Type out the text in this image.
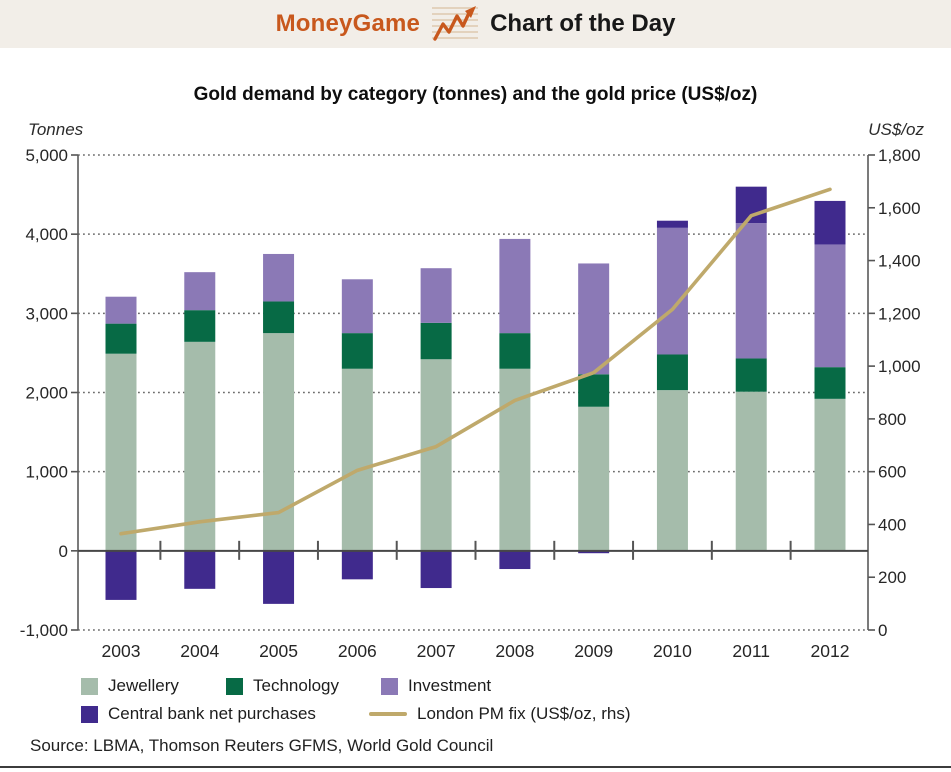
5,000
4,000
3,000
2,000
1,000
0
-1,000
1,800
1,600
1,400
1,200
1,000
800
600
400
200
0
2003 2004 2005 2006 2007 2008 2009 2010 2011 2012
MoneyGame	Chart of the Day
Gold demand by category (tonnes) and the gold price (US$/oz)
Tonnes	US$/oz
Jewellery	Technology	Investment
Central bank net purchases	London PM fix (US$/oz, rhs)
Source: LBMA, Thomson Reuters GFMS, World Gold Council
